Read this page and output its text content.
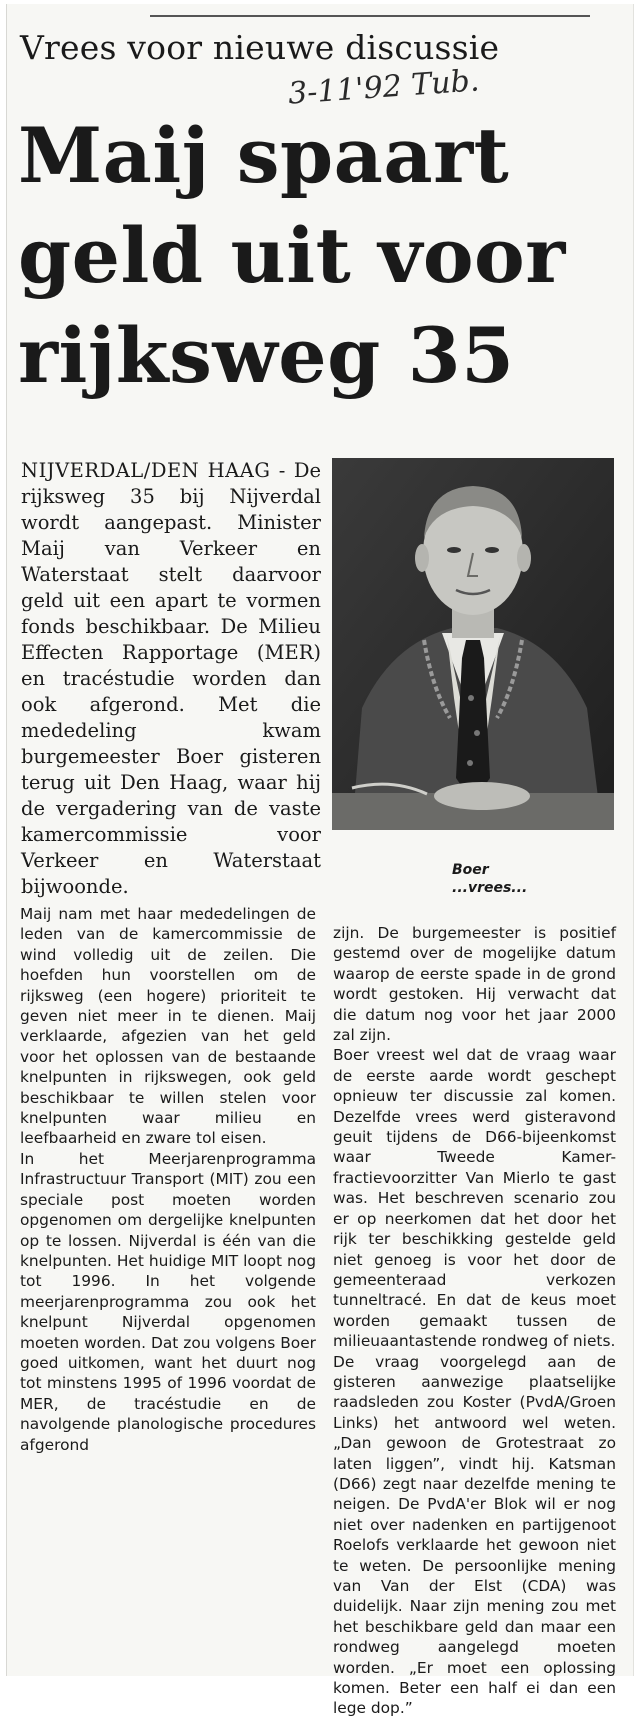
Vrees voor nieuwe discussie
3-11'92 Tub.
Maij spaart
geld uit voor
rijksweg 35

NIJVERDAL/DEN HAAG - De rijksweg 35 bij Nijverdal wordt aangepast. Minister Maij van Verkeer en Waterstaat stelt daarvoor geld uit een apart te vormen fonds beschikbaar. De Milieu Effecten Rapportage (MER) en tracéstudie worden dan ook afgerond. Met die mededeling kwam burgemeester Boer gisteren terug uit Den Haag, waar hij de vergadering van de vaste kamercommissie voor Verkeer en Waterstaat bijwoonde.

Boer
...vrees...

Maij nam met haar mededelingen de leden van de kamercommissie de wind volledig uit de zeilen. Die hoefden hun voorstellen om de rijksweg (een hogere) prioriteit te geven niet meer in te dienen. Maij verklaarde, afgezien van het geld voor het oplossen van de bestaande knelpunten in rijkswegen, ook geld beschikbaar te willen stelen voor knelpunten waar milieu en leefbaarheid en zware tol eisen.

In het Meerjarenprogramma Infrastructuur Transport (MIT) zou een speciale post moeten worden opgenomen om dergelijke knelpunten op te lossen. Nijverdal is één van die knelpunten. Het huidige MIT loopt nog tot 1996. In het volgende meerjarenprogramma zou ook het knelpunt Nijverdal opgenomen moeten worden. Dat zou volgens Boer goed uitkomen, want het duurt nog tot minstens 1995 of 1996 voordat de MER, de tracéstudie en de navolgende planologische procedures afgerond

zijn. De burgemeester is positief gestemd over de mogelijke datum waarop de eerste spade in de grond wordt gestoken. Hij verwacht dat die datum nog voor het jaar 2000 zal zijn.

Boer vreest wel dat de vraag waar de eerste aarde wordt geschept opnieuw ter discussie zal komen. Dezelfde vrees werd gisteravond geuit tijdens de D66-bijeenkomst waar Tweede Kamer-fractievoorzitter Van Mierlo te gast was. Het beschreven scenario zou er op neerkomen dat het door het rijk ter beschikking gestelde geld niet genoeg is voor het door de gemeenteraad verkozen tunneltracé. En dat de keus moet worden gemaakt tussen de milieuaantastende rondweg of niets.

De vraag voorgelegd aan de gisteren aanwezige plaatselijke raadsleden zou Koster (PvdA/Groen Links) het antwoord wel weten. „Dan gewoon de Grotestraat zo laten liggen”, vindt hij. Katsman (D66) zegt naar dezelfde mening te neigen. De PvdA'er Blok wil er nog niet over nadenken en partijgenoot Roelofs verklaarde het gewoon niet te weten. De persoonlijke mening van Van der Elst (CDA) was duidelijk. Naar zijn mening zou met het beschikbare geld dan maar een rondweg aangelegd moeten worden. „Er moet een oplossing komen. Beter een half ei dan een lege dop.”
